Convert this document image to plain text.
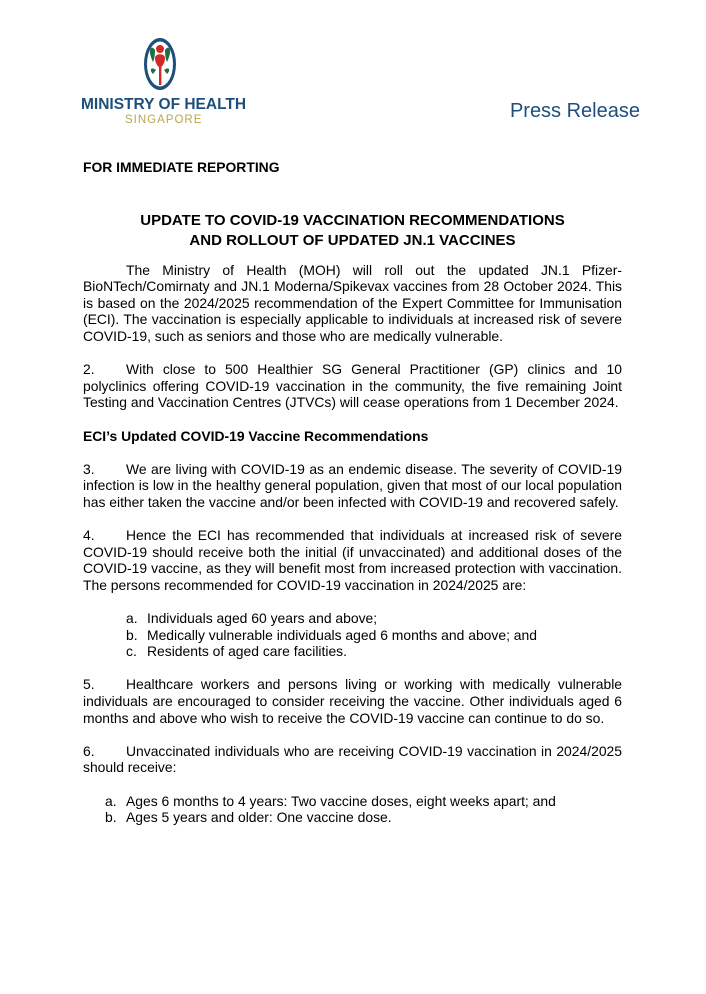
MINISTRY OF HEALTH
SINGAPORE	Press Release

FOR IMMEDIATE REPORTING

UPDATE TO COVID-19 VACCINATION RECOMMENDATIONS
AND ROLLOUT OF UPDATED JN.1 VACCINES

The Ministry of Health (MOH) will roll out the updated JN.1 Pfizer-BioNTech/Comirnaty and JN.1 Moderna/Spikevax vaccines from 28 October 2024. This is based on the 2024/2025 recommendation of the Expert Committee for Immunisation (ECI). The vaccination is especially applicable to individuals at increased risk of severe COVID-19, such as seniors and those who are medically vulnerable.

2. With close to 500 Healthier SG General Practitioner (GP) clinics and 10 polyclinics offering COVID-19 vaccination in the community, the five remaining Joint Testing and Vaccination Centres (JTVCs) will cease operations from 1 December 2024.

ECI’s Updated COVID-19 Vaccine Recommendations

3. We are living with COVID-19 as an endemic disease. The severity of COVID-19 infection is low in the healthy general population, given that most of our local population has either taken the vaccine and/or been infected with COVID-19 and recovered safely.

4. Hence the ECI has recommended that individuals at increased risk of severe COVID-19 should receive both the initial (if unvaccinated) and additional doses of the COVID-19 vaccine, as they will benefit most from increased protection with vaccination. The persons recommended for COVID-19 vaccination in 2024/2025 are:

a. Individuals aged 60 years and above;
b. Medically vulnerable individuals aged 6 months and above; and
c. Residents of aged care facilities.

5. Healthcare workers and persons living or working with medically vulnerable individuals are encouraged to consider receiving the vaccine. Other individuals aged 6 months and above who wish to receive the COVID-19 vaccine can continue to do so.

6. Unvaccinated individuals who are receiving COVID-19 vaccination in 2024/2025 should receive:

a. Ages 6 months to 4 years: Two vaccine doses, eight weeks apart; and
b. Ages 5 years and older: One vaccine dose.
